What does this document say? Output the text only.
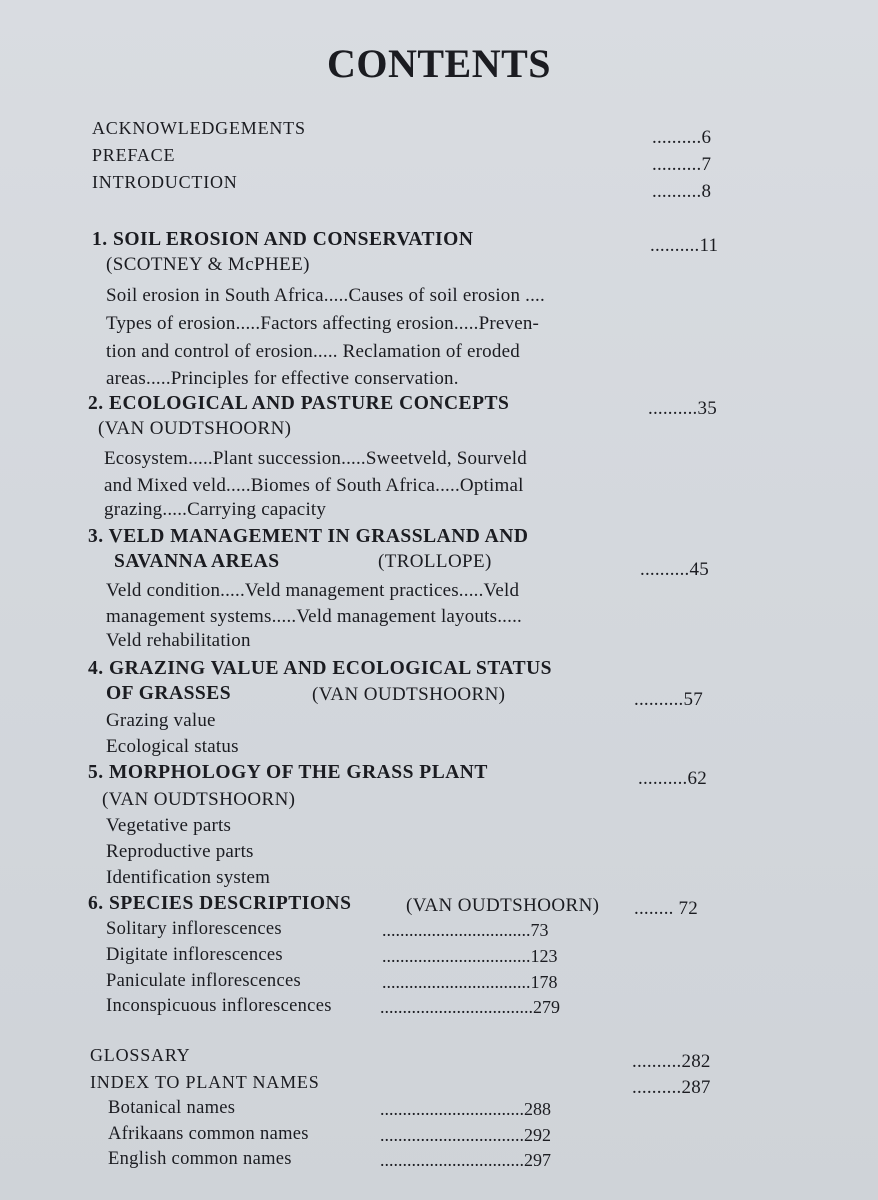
CONTENTS
ACKNOWLEDGEMENTS	..........6
PREFACE	..........7
INTRODUCTION	..........8
1. SOIL EROSION AND CONSERVATION	..........11
(SCOTNEY & McPHEE)
Soil erosion in South Africa.....Causes of soil erosion ....
Types of erosion.....Factors affecting erosion.....Preven-
tion and control of erosion..... Reclamation of eroded
areas.....Principles for effective conservation.
2. ECOLOGICAL AND PASTURE CONCEPTS	..........35
(VAN OUDTSHOORN)
Ecosystem.....Plant succession.....Sweetveld, Sourveld
and Mixed veld.....Biomes of South Africa.....Optimal
grazing.....Carrying capacity
3. VELD MANAGEMENT IN GRASSLAND AND
SAVANNA AREAS	(TROLLOPE)	..........45
Veld condition.....Veld management practices.....Veld
management systems.....Veld management layouts.....
Veld rehabilitation
4. GRAZING VALUE AND ECOLOGICAL STATUS
OF GRASSES	(VAN OUDTSHOORN)	..........57
Grazing value
Ecological status
5. MORPHOLOGY OF THE GRASS PLANT	..........62
(VAN OUDTSHOORN)
Vegetative parts
Reproductive parts
Identification system
6. SPECIES DESCRIPTIONS	(VAN OUDTSHOORN) ........ 72
Solitary inflorescences	.................................73
Digitate inflorescences	.................................123
Paniculate inflorescences	.................................178
Inconspicuous inflorescences	..................................279
GLOSSARY	..........282
INDEX TO PLANT NAMES	..........287
Botanical names	................................288
Afrikaans common names	................................292
English common names	................................297
